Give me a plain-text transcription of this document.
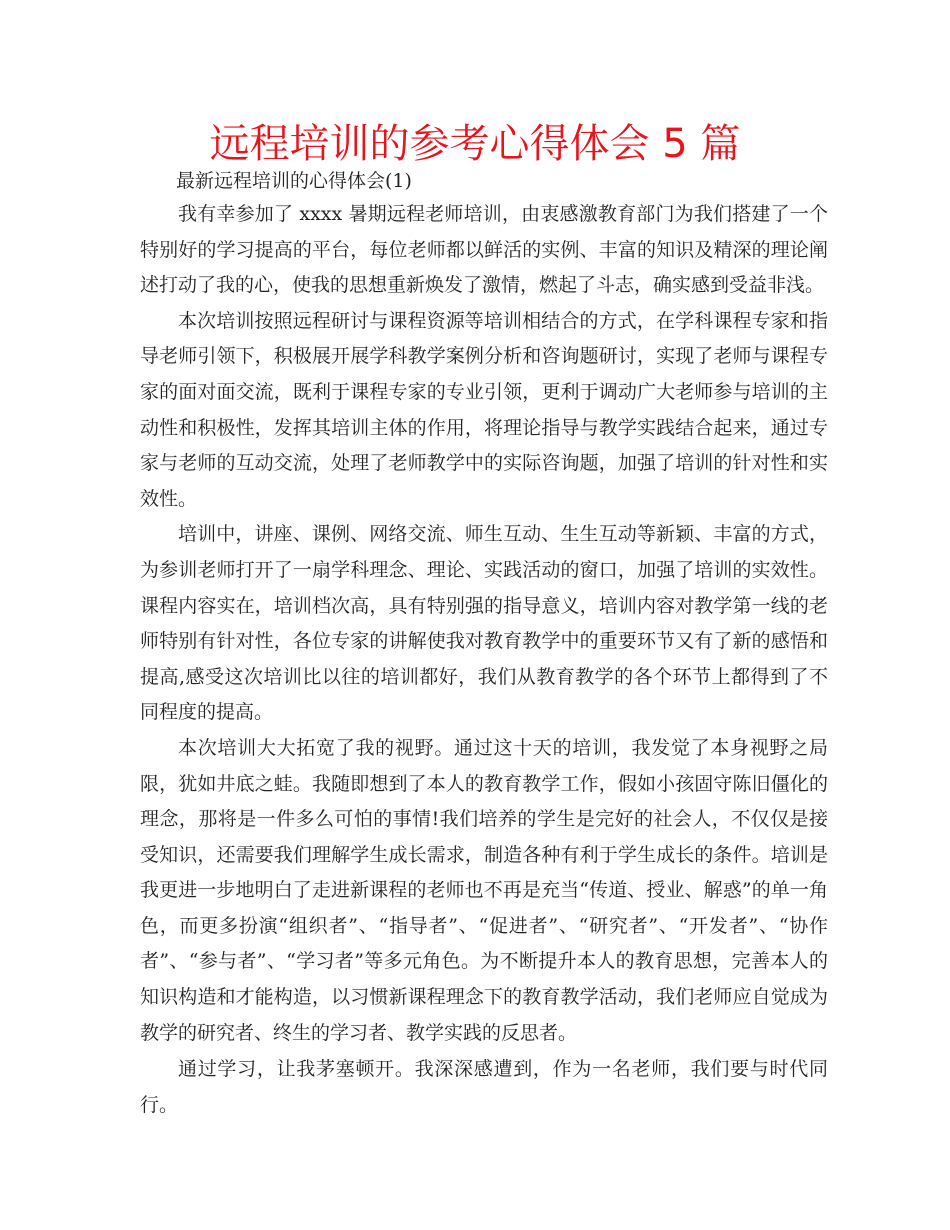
远程培训的参考心得体会 5 篇
最新远程培训的心得体会(1)

我有幸参加了 xxxx 暑期远程老师培训，由衷感激教育部门为我们搭建了一个特别好的学习提高的平台，每位老师都以鲜活的实例、丰富的知识及精深的理论阐述打动了我的心，使我的思想重新焕发了激情，燃起了斗志，确实感到受益非浅。

本次培训按照远程研讨与课程资源等培训相结合的方式，在学科课程专家和指导老师引领下，积极展开展学科教学案例分析和咨询题研讨，实现了老师与课程专家的面对面交流，既利于课程专家的专业引领，更利于调动广大老师参与培训的主动性和积极性，发挥其培训主体的作用，将理论指导与教学实践结合起来，通过专家与老师的互动交流，处理了老师教学中的实际咨询题，加强了培训的针对性和实效性。

培训中，讲座、课例、网络交流、师生互动、生生互动等新颖、丰富的方式，为参训老师打开了一扇学科理念、理论、实践活动的窗口，加强了培训的实效性。课程内容实在，培训档次高，具有特别强的指导意义，培训内容对教学第一线的老师特别有针对性，各位专家的讲解使我对教育教学中的重要环节又有了新的感悟和提高,感受这次培训比以往的培训都好，我们从教育教学的各个环节上都得到了不同程度的提高。

本次培训大大拓宽了我的视野。通过这十天的培训，我发觉了本身视野之局限，犹如井底之蛙。我随即想到了本人的教育教学工作，假如小孩固守陈旧僵化的理念，那将是一件多么可怕的事情!我们培养的学生是完好的社会人，不仅仅是接受知识，还需要我们理解学生成长需求，制造各种有利于学生成长的条件。培训是我更进一步地明白了走进新课程的老师也不再是充当“传道、授业、解惑”的单一角色，而更多扮演“组织者”、“指导者”、“促进者”、“研究者”、“开发者”、“协作者”、“参与者”、“学习者”等多元角色。为不断提升本人的教育思想，完善本人的知识构造和才能构造，以习惯新课程理念下的教育教学活动，我们老师应自觉成为教学的研究者、终生的学习者、教学实践的反思者。

通过学习，让我茅塞顿开。我深深感遭到，作为一名老师，我们要与时代同行。
